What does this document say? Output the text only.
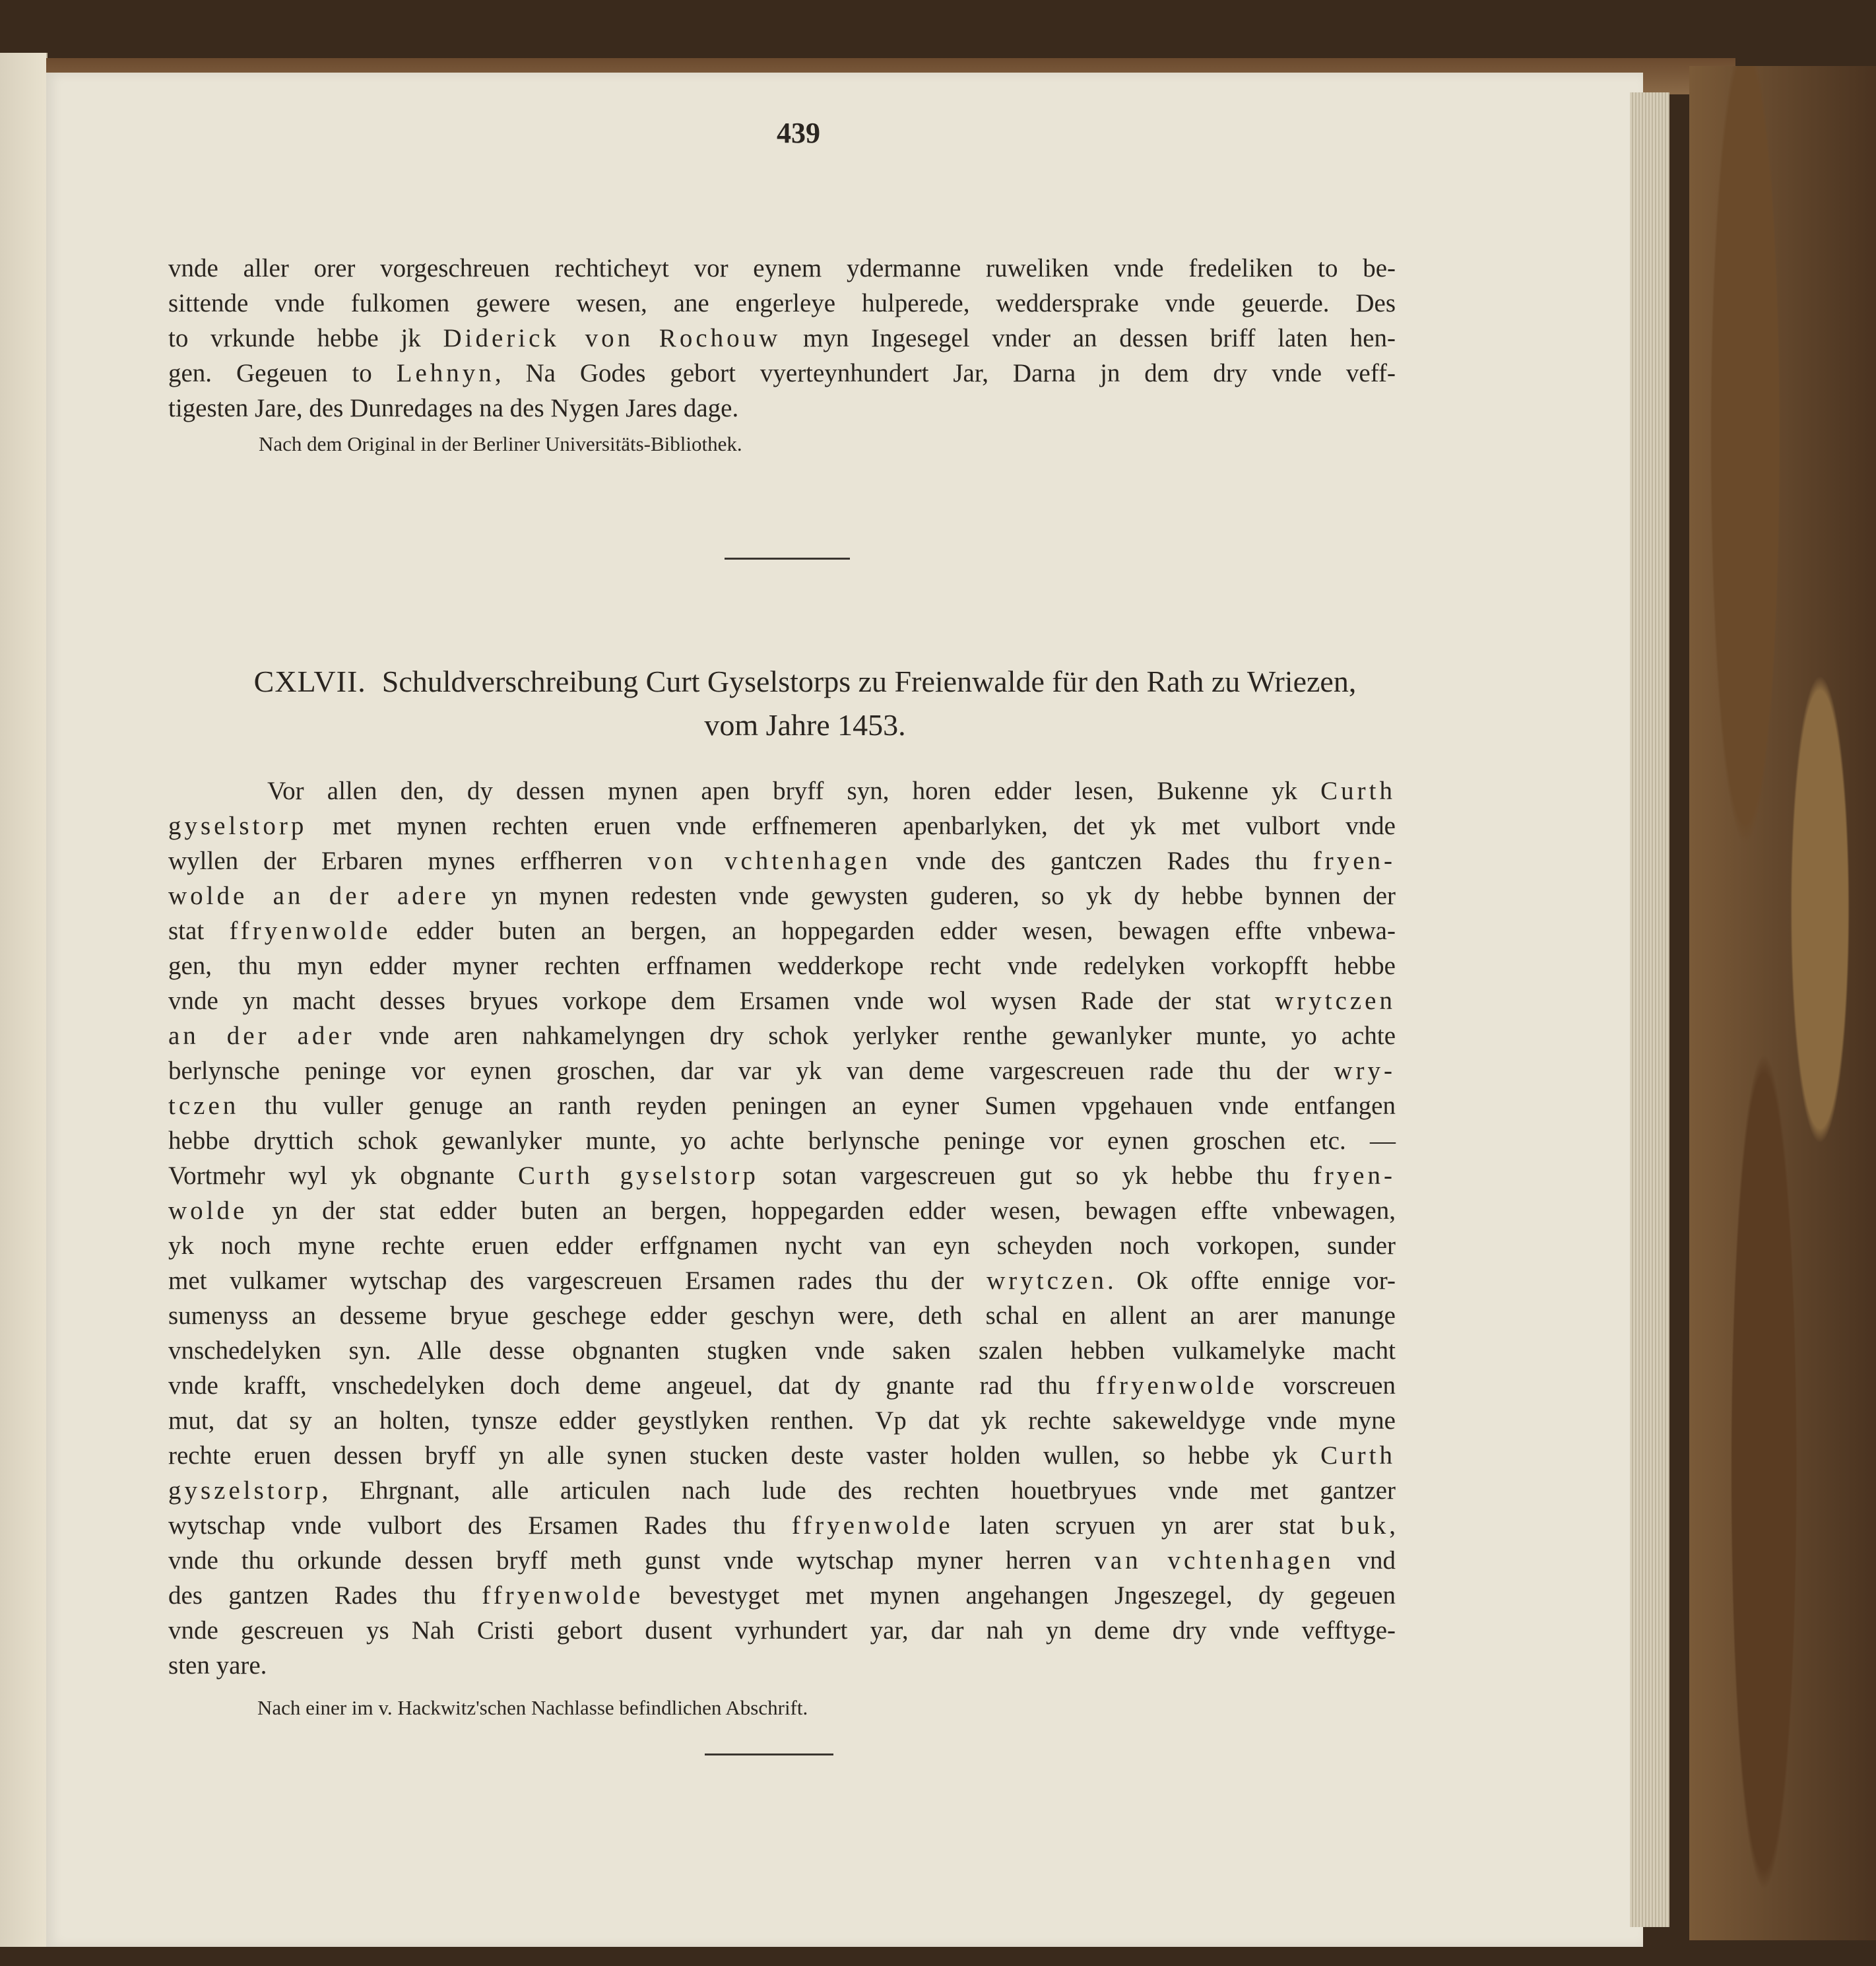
439
vnde aller orer vorgeschreuen rechticheyt vor eynem ydermanne ruweliken vnde fredeliken to be-
sittende vnde fulkomen gewere wesen, ane engerleye hulperede, weddersprake vnde geuerde. Des
to vrkunde hebbe jk Diderick von Rochouw myn Ingesegel vnder an dessen briff laten hen-
gen. Gegeuen to Lehnyn, Na Godes gebort vyerteynhundert Jar, Darna jn dem dry vnde veff-
tigesten Jare, des Dunredages na des Nygen Jares dage.
Nach dem Original in der Berliner Universitäts-Bibliothek.
CXLVII. Schuldverschreibung Curt Gyselstorps zu Freienwalde für den Rath zu Wriezen,
vom Jahre 1453.
Vor allen den, dy dessen mynen apen bryff syn, horen edder lesen, Bukenne yk Curth
gyselstorp met mynen rechten eruen vnde erffnemeren apenbarlyken, det yk met vulbort vnde
wyllen der Erbaren mynes erffherren von vchtenhagen vnde des gantczen Rades thu fryen-
wolde an der adere yn mynen redesten vnde gewysten guderen, so yk dy hebbe bynnen der
stat ffryenwolde edder buten an bergen, an hoppegarden edder wesen, bewagen effte vnbewa-
gen, thu myn edder myner rechten erffnamen wedderkope recht vnde redelyken vorkopfft hebbe
vnde yn macht desses bryues vorkope dem Ersamen vnde wol wysen Rade der stat wrytczen
an der ader vnde aren nahkamelyngen dry schok yerlyker renthe gewanlyker munte, yo achte
berlynsche peninge vor eynen groschen, dar var yk van deme vargescreuen rade thu der wry-
tczen thu vuller genuge an ranth reyden peningen an eyner Sumen vpgehauen vnde entfangen
hebbe dryttich schok gewanlyker munte, yo achte berlynsche peninge vor eynen groschen etc. —
Vortmehr wyl yk obgnante Curth gyselstorp sotan vargescreuen gut so yk hebbe thu fryen-
wolde yn der stat edder buten an bergen, hoppegarden edder wesen, bewagen effte vnbewagen,
yk noch myne rechte eruen edder erffgnamen nycht van eyn scheyden noch vorkopen, sunder
met vulkamer wytschap des vargescreuen Ersamen rades thu der wrytczen. Ok offte ennige vor-
sumenyss an desseme bryue geschege edder geschyn were, deth schal en allent an arer manunge
vnschedelyken syn. Alle desse obgnanten stugken vnde saken szalen hebben vulkamelyke macht
vnde krafft, vnschedelyken doch deme angeuel, dat dy gnante rad thu ffryenwolde vorscreuen
mut, dat sy an holten, tynsze edder geystlyken renthen. Vp dat yk rechte sakeweldyge vnde myne
rechte eruen dessen bryff yn alle synen stucken deste vaster holden wullen, so hebbe yk Curth
gyszelstorp, Ehrgnant, alle articulen nach lude des rechten houetbryues vnde met gantzer
wytschap vnde vulbort des Ersamen Rades thu ffryenwolde laten scryuen yn arer stat buk,
vnde thu orkunde dessen bryff meth gunst vnde wytschap myner herren van vchtenhagen vnd
des gantzen Rades thu ffryenwolde bevestyget met mynen angehangen Jngeszegel, dy gegeuen
vnde gescreuen ys Nah Cristi gebort dusent vyrhundert yar, dar nah yn deme dry vnde vefftyge-
sten yare.
Nach einer im v. Hackwitz'schen Nachlasse befindlichen Abschrift.
